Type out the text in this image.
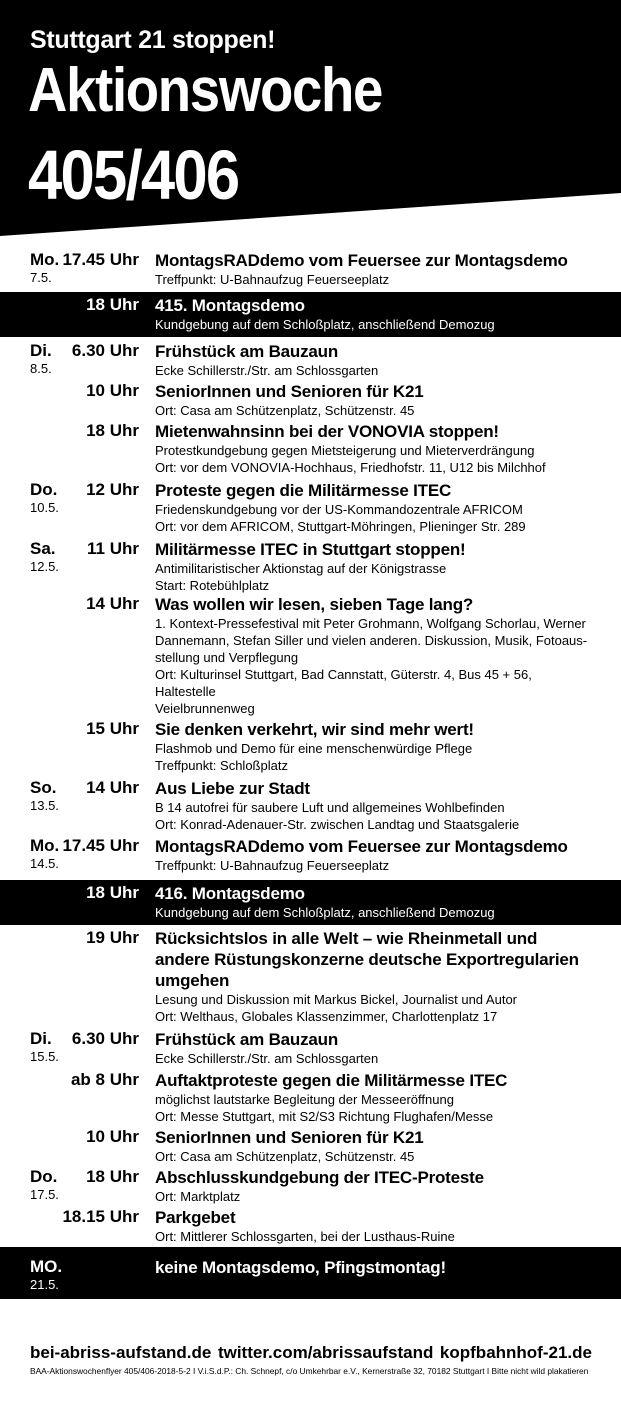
Stuttgart 21 stoppen!
Aktionswoche
405/406	7.5.- 21.5.
Mo.
7.5.
17.45 Uhr MontagsRADdemo vom Feuersee zur Montagsdemo
Treffpunkt: U-Bahnaufzug Feuerseeplatz
18 Uhr 415. Montagsdemo
Kundgebung auf dem Schloßplatz, anschließend Demozug
Di.
8.5.
6.30 Uhr Frühstück am Bauzaun
Ecke Schillerstr./Str. am Schlossgarten
10 Uhr SeniorInnen und Senioren für K21
Ort: Casa am Schützenplatz, Schützenstr. 45
18 Uhr Mietenwahnsinn bei der VONOVIA stoppen!
Protestkundgebung gegen Mietsteigerung und Mieterverdrängung
Ort: vor dem VONOVIA-Hochhaus, Friedhofstr. 11, U12 bis Milchhof
Do.
10.5.
12 Uhr Proteste gegen die Militärmesse ITEC
Friedenskundgebung vor der US-Kommandozentrale AFRICOM
Ort: vor dem AFRICOM, Stuttgart-Möhringen, Plieninger Str. 289
Sa.
12.5.
11 Uhr Militärmesse ITEC in Stuttgart stoppen!
Antimilitaristischer Aktionstag auf der Königstrasse
Start: Rotebühlplatz
14 Uhr Was wollen wir lesen, sieben Tage lang?
1. Kontext-Pressefestival mit Peter Grohmann, Wolfgang Schorlau, Werner
Dannemann, Stefan Siller und vielen anderen. Diskussion, Musik, Fotoaus-
stellung und Verpflegung
Ort: Kulturinsel Stuttgart, Bad Cannstatt, Güterstr. 4, Bus 45 + 56, Haltestelle
Veielbrunnenweg
15 Uhr Sie denken verkehrt, wir sind mehr wert!
Flashmob und Demo für eine menschenwürdige Pflege
Treffpunkt: Schloßplatz
So.
13.5.
14 Uhr Aus Liebe zur Stadt
B 14 autofrei für saubere Luft und allgemeines Wohlbefinden
Ort: Konrad-Adenauer-Str. zwischen Landtag und Staatsgalerie
Mo.
14.5.
17.45 Uhr MontagsRADdemo vom Feuersee zur Montagsdemo
Treffpunkt: U-Bahnaufzug Feuerseeplatz
18 Uhr 416. Montagsdemo
Kundgebung auf dem Schloßplatz, anschließend Demozug
19 Uhr Rücksichtslos in alle Welt – wie Rheinmetall und andere Rüstungskonzerne deutsche Exportregularien umgehen
Lesung und Diskussion mit Markus Bickel, Journalist und Autor
Ort: Welthaus, Globales Klassenzimmer, Charlottenplatz 17
Di.
15.5.
6.30 Uhr Frühstück am Bauzaun
Ecke Schillerstr./Str. am Schlossgarten
ab 8 Uhr Auftaktproteste gegen die Militärmesse ITEC
möglichst lautstarke Begleitung der Messeeröffnung
Ort: Messe Stuttgart, mit S2/S3 Richtung Flughafen/Messe
10 Uhr SeniorInnen und Senioren für K21
Ort: Casa am Schützenplatz, Schützenstr. 45
Do.
17.5.
18 Uhr Abschlusskundgebung der ITEC-Proteste
Ort: Marktplatz
18.15 Uhr Parkgebet
Ort: Mittlerer Schlossgarten, bei der Lusthaus-Ruine
MO.
21.5.
keine Montagsdemo, Pfingstmontag!
bei-abriss-aufstand.de twitter.com/abrissaufstand kopfbahnhof-21.de
BAA-Aktionswochenflyer 405/406-2018-5-2 I V.i.S.d.P.: Ch. Schnepf, c/o Umkehrbar e.V., Kernerstraße 32, 70182 Stuttgart I Bitte nicht wild plakatieren
